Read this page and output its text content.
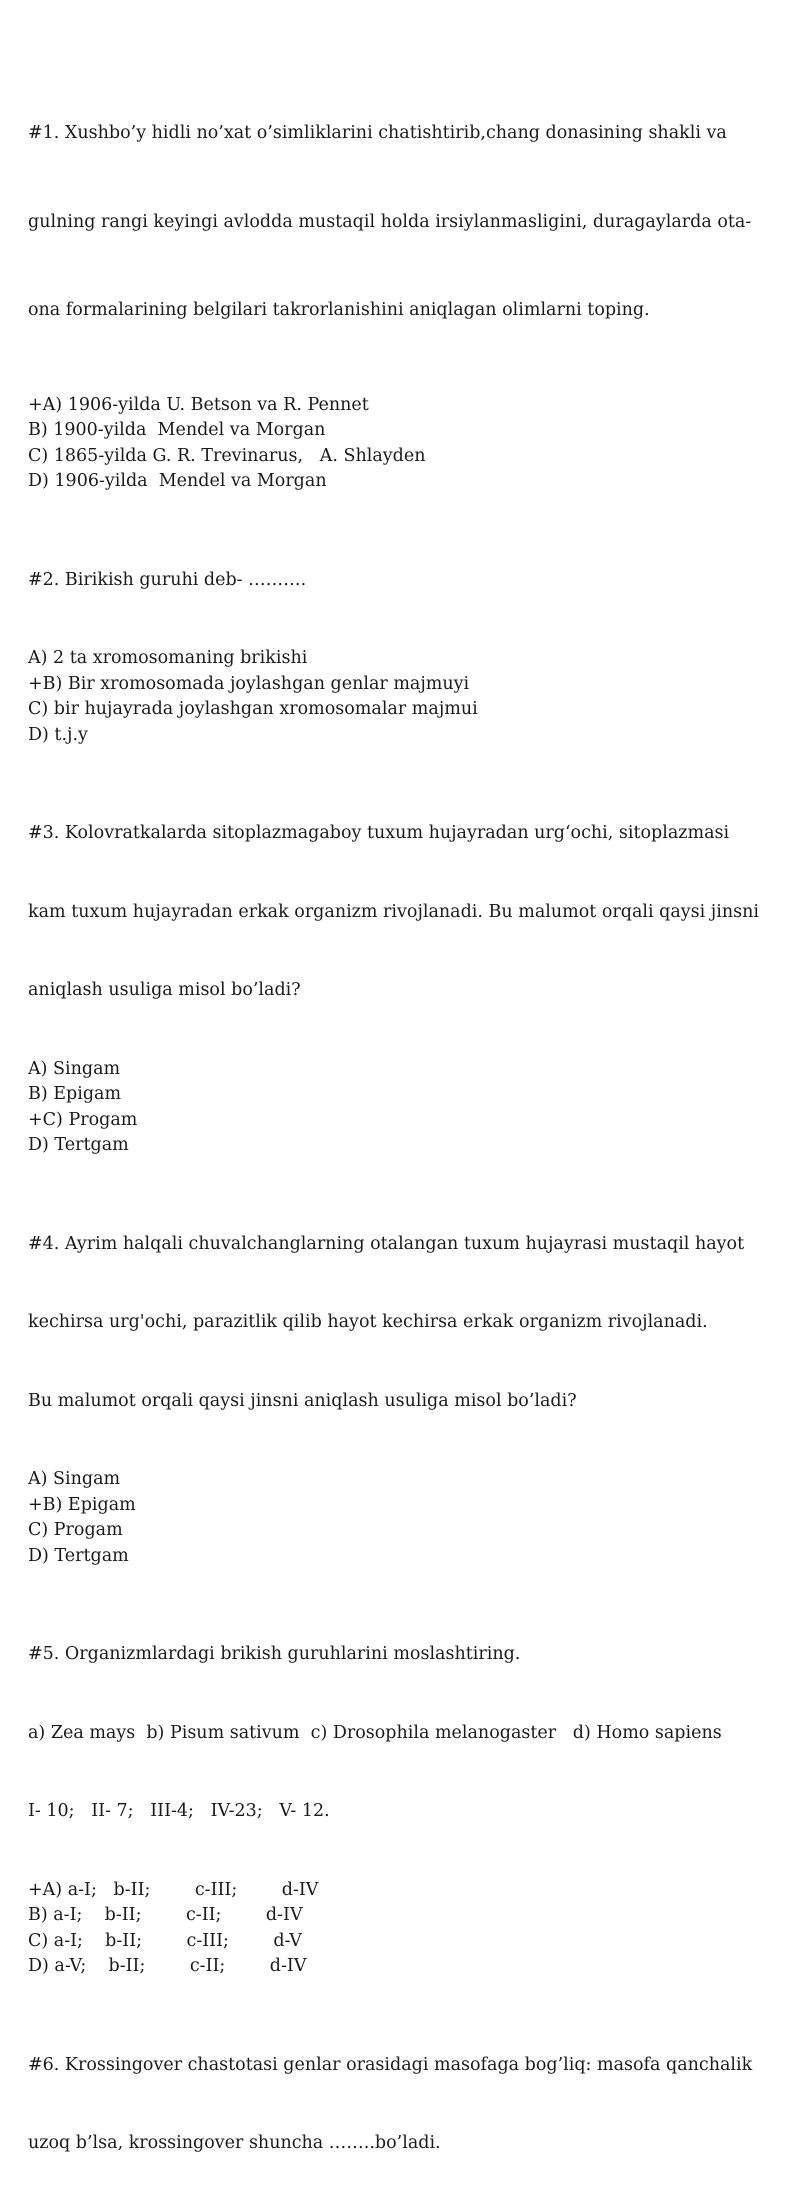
#1. Xushbo’y hidli no’xat o’simliklarini chatishtirib,chang donasining shakli va

gulning rangi keyingi avlodda mustaqil holda irsiylanmasligini, duragaylarda ota-

ona formalarining belgilari takrorlanishini aniqlagan olimlarni toping.

+A) 1906-yilda U. Betson va R. Pennet
B) 1900-yilda  Mendel va Morgan
C) 1865-yilda G. R. Trevinarus,   A. Shlayden
D) 1906-yilda  Mendel va Morgan

#2. Birikish guruhi deb- ……….

A) 2 ta xromosomaning brikishi
+B) Bir xromosomada joylashgan genlar majmuyi
C) bir hujayrada joylashgan xromosomalar majmui
D) t.j.y

#3. Kolovratkalarda sitoplazmagaboy tuxum hujayradan urg‘ochi, sitoplazmasi

kam tuxum hujayradan erkak organizm rivojlanadi. Bu malumot orqali qaysi jinsni

aniqlash usuliga misol bo’ladi?

A) Singam
B) Epigam
+C) Progam
D) Tertgam

#4. Ayrim halqali chuvalchanglarning otalangan tuxum hujayrasi mustaqil hayot

kechirsa urg'ochi, parazitlik qilib hayot kechirsa erkak organizm rivojlanadi.

Bu malumot orqali qaysi jinsni aniqlash usuliga misol bo’ladi?

A) Singam
+B) Epigam
C) Progam
D) Tertgam

#5. Organizmlardagi brikish guruhlarini moslashtiring.

a) Zea mays  b) Pisum sativum  c) Drosophila melanogaster   d) Homo sapiens

I- 10;   II- 7;   III-4;   IV-23;   V- 12.

+A) a-I;   b-II;        c-III;        d-IV
B) a-I;    b-II;        c-II;        d-IV
C) a-I;    b-II;        c-III;        d-V
D) a-V;    b-II;        c-II;        d-IV

#6. Krossingover chastotasi genlar orasidagi masofaga bog’liq: masofa qanchalik

uzoq b’lsa, krossingover shuncha ……..bo’ladi.
